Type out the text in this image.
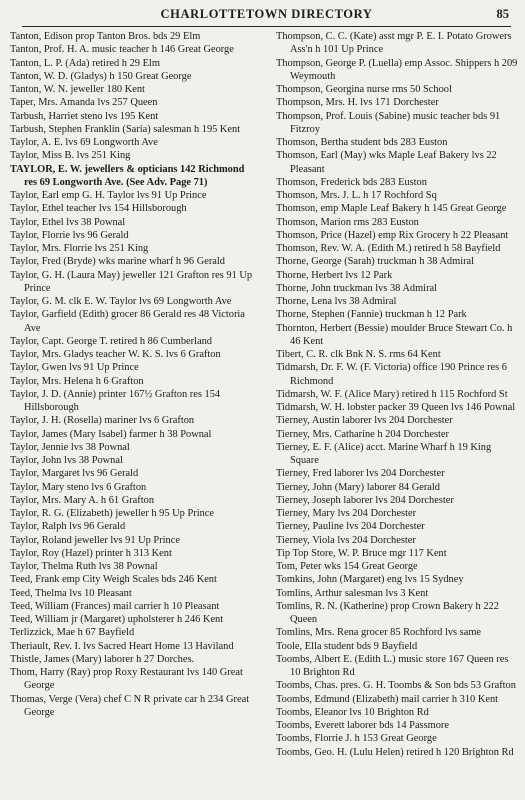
CHARLOTTETOWN DIRECTORY	85
Tanton, Edison prop Tanton Bros. bds 29 Elm
Tanton, Prof. H. A. music teacher h 146 Great George
Tanton, L. P. (Ada) retired h 29 Elm
Tanton, W. D. (Gladys) h 150 Great George
Tanton, W. N. jeweller 180 Kent
Taper, Mrs. Amanda lvs 257 Queen
Tarbush, Harriet steno lvs 195 Kent
Tarbush, Stephen Franklin (Saria) salesman h 195 Kent
Taylor, A. E. lvs 69 Longworth Ave
Taylor, Miss B. lvs 251 King
TAYLOR, E. W. jewellers & opticians 142 Richmond res 69 Longworth Ave. (See Adv. Page 71)
Taylor, Earl emp G. H. Taylor lvs 91 Up Prince
Taylor, Ethel teacher lvs 154 Hillsborough
Taylor, Ethel lvs 38 Pownal
Taylor, Florrie lvs 96 Gerald
Taylor, Mrs. Florrie lvs 251 King
Taylor, Fred (Bryde) wks marine wharf h 96 Gerald
Taylor, G. H. (Laura May) jeweller 121 Grafton res 91 Up Prince
Taylor, G. M. clk E. W. Taylor lvs 69 Longworth Ave
Taylor, Garfield (Edith) grocer 86 Gerald res 48 Victoria Ave
Taylor, Capt. George T. retired h 86 Cumberland
Taylor, Mrs. Gladys teacher W. K. S. lvs 6 Grafton
Taylor, Gwen lvs 91 Up Prince
Taylor, Mrs. Helena h 6 Grafton
Taylor, J. D. (Annie) printer 167½ Grafton res 154 Hillsborough
Taylor, J. H. (Rosella) mariner lvs 6 Grafton
Taylor, James (Mary Isabel) farmer h 38 Pownal
Taylor, Jennie lvs 38 Pownal
Taylor, John lvs 38 Pownal
Taylor, Margaret lvs 96 Gerald
Taylor, Mary steno lvs 6 Grafton
Taylor, Mrs. Mary A. h 61 Grafton
Taylor, R. G. (Elizabeth) jeweller h 95 Up Prince
Taylor, Ralph lvs 96 Gerald
Taylor, Roland jeweller lvs 91 Up Prince
Taylor, Roy (Hazel) printer h 313 Kent
Taylor, Thelma Ruth lvs 38 Pownal
Teed, Frank emp City Weigh Scales bds 246 Kent
Teed, Thelma lvs 10 Pleasant
Teed, William (Frances) mail carrier h 10 Pleasant
Teed, William jr (Margaret) upholsterer h 246 Kent
Terlizzick, Mae h 67 Bayfield
Theriault, Rev. I. lvs Sacred Heart Home 13 Haviland
Thistle, James (Mary) laborer h 27 Dorches.
Thom, Harry (Ray) prop Roxy Restaurant lvs 140 Great George
Thomas, Verge (Vera) chef C N R private car h 234 Great George
Thompson, C. C. (Kate) asst mgr P. E. I. Potato Growers Ass'n h 101 Up Prince
Thompson, George P. (Luella) emp Assoc. Shippers h 209 Weymouth
Thompson, Georgina nurse rms 50 School
Thompson, Mrs. H. lvs 171 Dorchester
Thompson, Prof. Louis (Sabine) music teacher bds 91 Fitzroy
Thomson, Bertha student bds 283 Euston
Thomson, Earl (May) wks Maple Leaf Bakery lvs 22 Pleasant
Thomson, Frederick bds 283 Euston
Thomson, Mrs. J. L. h 17 Rochford Sq
Thomson, emp Maple Leaf Bakery h 145 Great George
Thomson, Marion rms 283 Euston
Thomson, Price (Hazel) emp Rix Grocery h 22 Pleasant
Thomson, Rev. W. A. (Edith M.) retired h 58 Bayfield
Thorne, George (Sarah) truckman h 38 Admiral
Thorne, Herbert lvs 12 Park
Thorne, John truckman lvs 38 Admiral
Thorne, Lena lvs 38 Admiral
Thorne, Stephen (Fannie) truckman h 12 Park
Thornton, Herbert (Bessie) moulder Bruce Stewart Co. h 46 Kent
Tibert, C. R. clk Bnk N. S. rms 64 Kent
Tidmarsh, Dr. F. W. (F. Victoria) office 190 Prince res 6 Richmond
Tidmarsh, W. F. (Alice Mary) retired h 115 Rochford St
Tidmarsh, W. H. lobster packer 39 Queen lvs 146 Pownal
Tierney, Austin laborer lvs 204 Dorchester
Tierney, Mrs. Catharine h 204 Dorchester
Tierney, E. F. (Alice) acct. Marine Wharf h 19 King Square
Tierney, Fred laborer lvs 204 Dorchester
Tierney, John (Mary) laborer 84 Gerald
Tierney, Joseph laborer lvs 204 Dorchester
Tierney, Mary lvs 204 Dorchester
Tierney, Pauline lvs 204 Dorchester
Tierney, Viola lvs 204 Dorchester
Tip Top Store, W. P. Bruce mgr 117 Kent
Tom, Peter wks 154 Great George
Tomkins, John (Margaret) eng lvs 15 Sydney
Tomlins, Arthur salesman lvs 3 Kent
Tomlins, R. N. (Katherine) prop Crown Bakery h 222 Queen
Tomlins, Mrs. Rena grocer 85 Rochford lvs same
Toole, Ella student bds 9 Bayfield
Toombs, Albert E. (Edith L.) music store 167 Queen res 10 Brighton Rd
Toombs, Chas. pres. G. H. Toombs & Son bds 53 Grafton
Toombs, Edmund (Elizabeth) mail carrier h 310 Kent
Toombs, Eleanor lvs 10 Brighton Rd
Toombs, Everett laborer bds 14 Passmore
Toombs, Florrie J. h 153 Great George
Toombs, Geo. H. (Lulu Helen) retired h 120 Brighton Rd
